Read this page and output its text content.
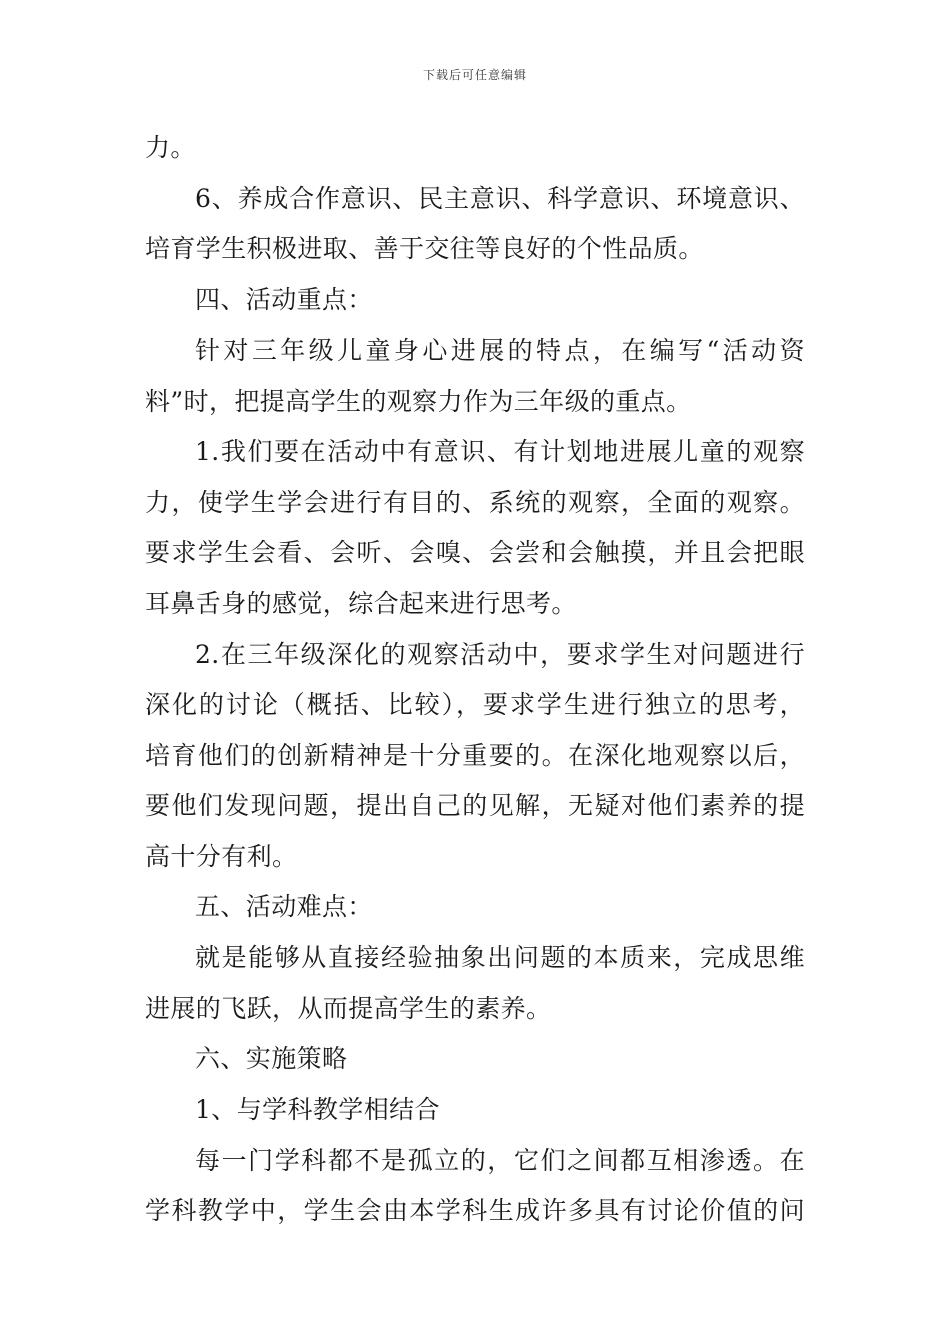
下载后可任意编辑
力。
6、养成合作意识、民主意识、科学意识、环境意识、
培育学生积极进取、善于交往等良好的个性品质。
四、活动重点：
针对三年级儿童身心进展的特点，在编写“活动资
料”时，把提高学生的观察力作为三年级的重点。
1.我们要在活动中有意识、有计划地进展儿童的观察
力，使学生学会进行有目的、系统的观察，全面的观察。
要求学生会看、会听、会嗅、会尝和会触摸，并且会把眼
耳鼻舌身的感觉，综合起来进行思考。
2.在三年级深化的观察活动中，要求学生对问题进行
深化的讨论（概括、比较），要求学生进行独立的思考，
培育他们的创新精神是十分重要的。在深化地观察以后，
要他们发现问题，提出自己的见解，无疑对他们素养的提
高十分有利。
五、活动难点：
就是能够从直接经验抽象出问题的本质来，完成思维
进展的飞跃，从而提高学生的素养。
六、实施策略
1、与学科教学相结合
每一门学科都不是孤立的，它们之间都互相渗透。在
学科教学中，学生会由本学科生成许多具有讨论价值的问
